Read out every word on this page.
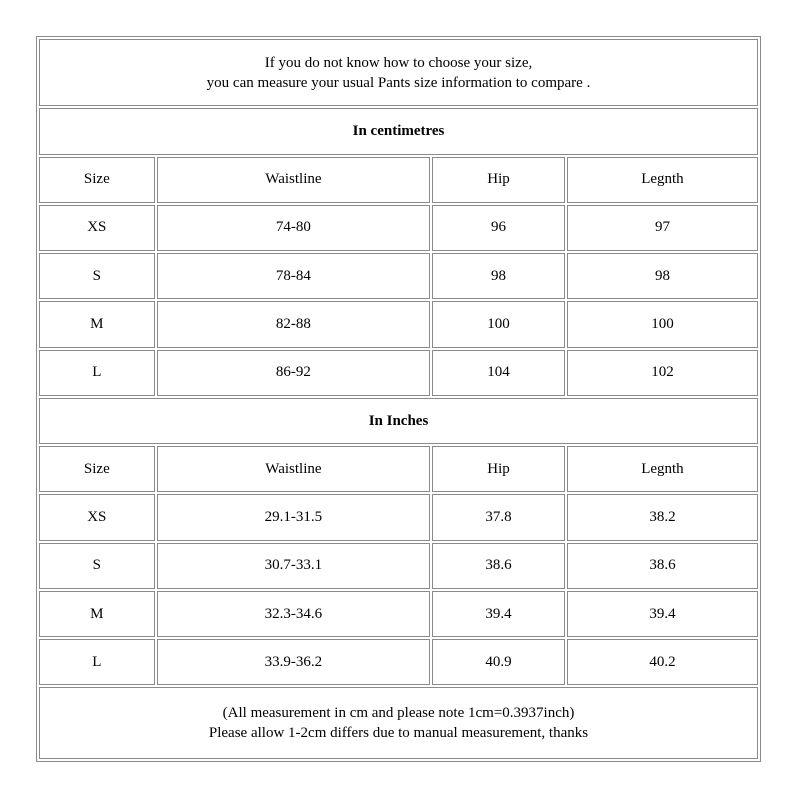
If you do not know how to choose your size,
you can measure your usual Pants size information to compare .			

In centimetres			
Size	Waistline	Hip	Legnth
XS	74-80	96	97
S	78-84	98	98
M	82-88	100	100
L	86-92	104	102
In Inches			
Size	Waistline	Hip	Legnth
XS	29.1-31.5	37.8	38.2
S	30.7-33.1	38.6	38.6
M	32.3-34.6	39.4	39.4
L	33.9-36.2	40.9	40.2

(All measurement in cm and please note 1cm=0.3937inch)
Please allow 1-2cm differs due to manual measurement, thanks			
